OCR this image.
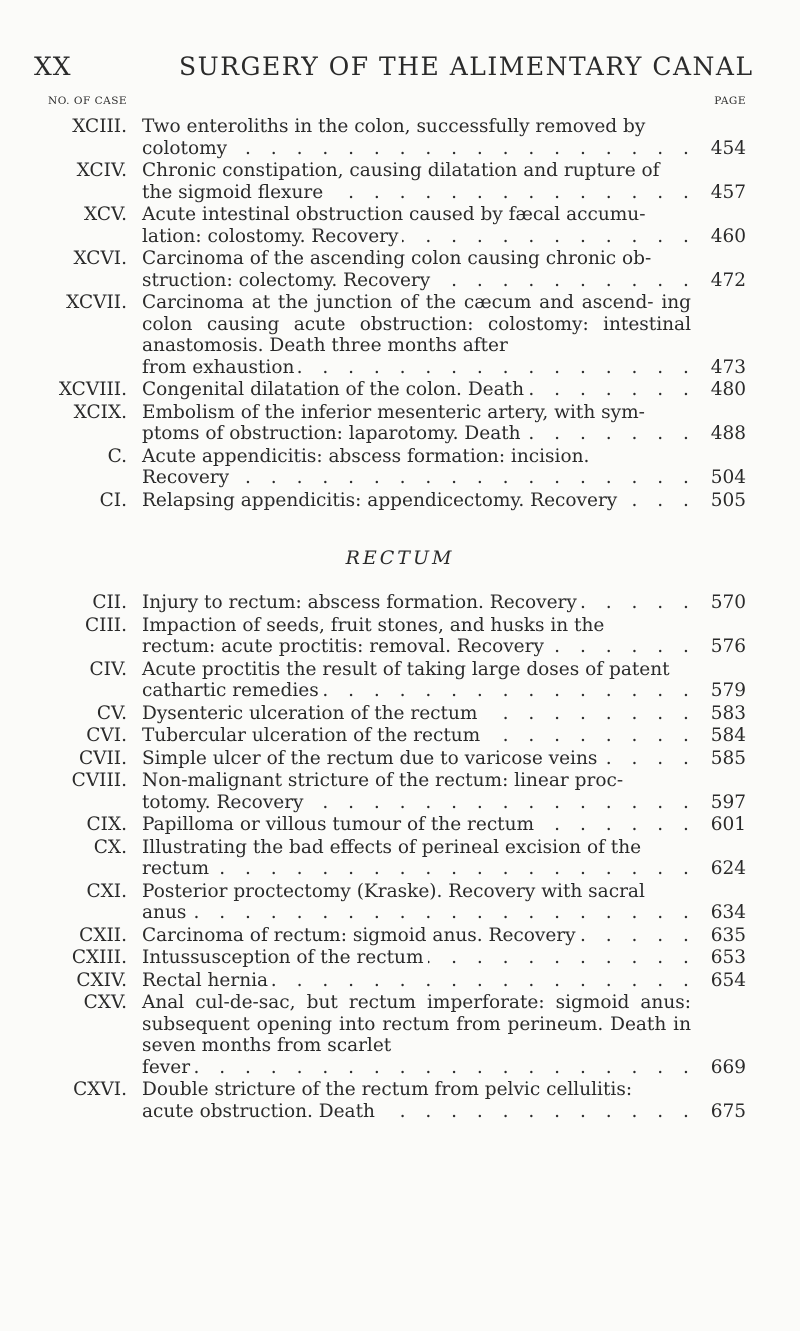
XX	SURGERY OF THE ALIMENTARY CANAL
NO. OF CASE	PAGE
XCIII. Two enteroliths in the colon, successfully removed by
colotomy . . .	454
XCIV. Chronic constipation, causing dilatation and rupture of
the sigmoid flexure . . .	457
XCV. Acute intestinal obstruction caused by fæcal accumu-
lation: colostomy. Recovery . . .	460
XCVI. Carcinoma of the ascending colon causing chronic ob-
struction: colectomy. Recovery . . .	472
XCVII. Carcinoma at the junction of the cæcum and ascend- ing colon causing acute obstruction: colostomy: intestinal anastomosis. Death three months after
from exhaustion . . .	473
XCVIII. Congenital dilatation of the colon. Death . . .	480
XCIX. Embolism of the inferior mesenteric artery, with sym-
ptoms of obstruction: laparotomy. Death . . .	488
C. Acute appendicitis: abscess formation: incision.
Recovery . . .	504
CI. Relapsing appendicitis: appendicectomy. Recovery . . .	505
RECTUM
CII. Injury to rectum: abscess formation. Recovery . . .	570
CIII. Impaction of seeds, fruit stones, and husks in the
rectum: acute proctitis: removal. Recovery . . .	576
CIV. Acute proctitis the result of taking large doses of patent
cathartic remedies . . .	579
CV. Dysenteric ulceration of the rectum . . .	583
CVI. Tubercular ulceration of the rectum . . .	584
CVII. Simple ulcer of the rectum due to varicose veins . . .	585
CVIII. Non-malignant stricture of the rectum: linear proc-
totomy. Recovery . . .	597
CIX. Papilloma or villous tumour of the rectum . . .	601
CX. Illustrating the bad effects of perineal excision of the
rectum . . .	624
CXI. Posterior proctectomy (Kraske). Recovery with sacral
anus . . .	634
CXII. Carcinoma of rectum: sigmoid anus. Recovery . . .	635
CXIII. Intussusception of the rectum . . .	653
CXIV. Rectal hernia . . .	654
CXV. Anal cul-de-sac, but rectum imperforate: sigmoid anus: subsequent opening into rectum from perineum. Death in seven months from scarlet
fever . . .	669
CXVI. Double stricture of the rectum from pelvic cellulitis:
acute obstruction. Death . . .	675
